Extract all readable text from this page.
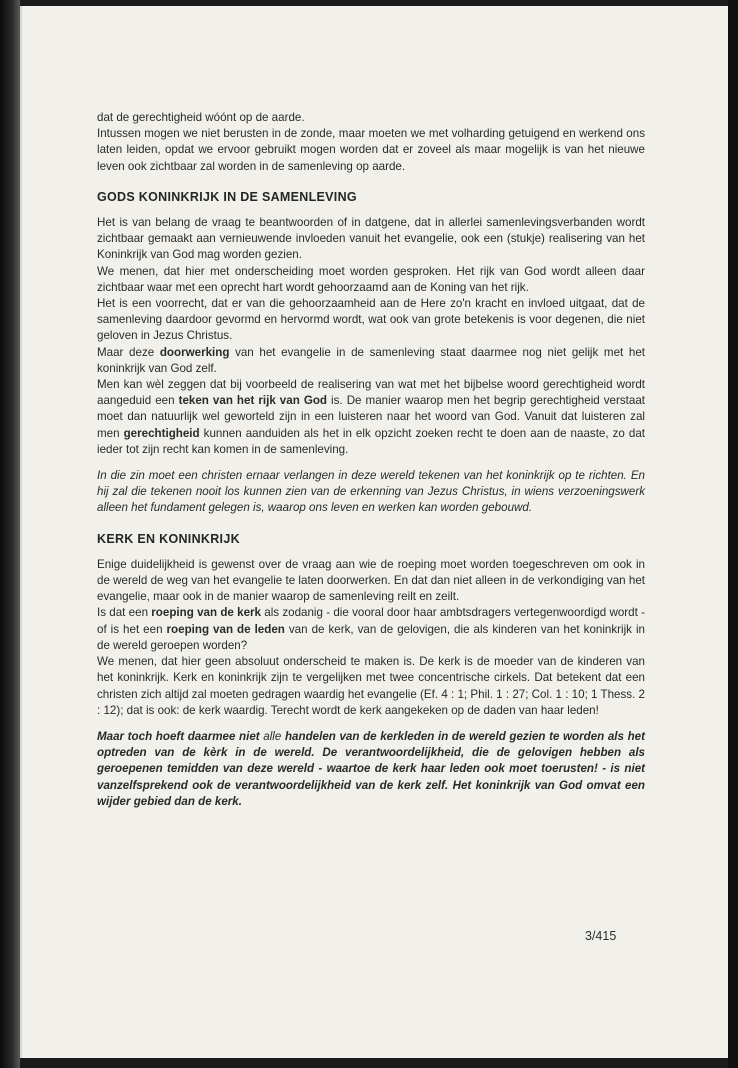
dat de gerechtigheid wóónt op de aarde.

Intussen mogen we niet berusten in de zonde, maar moeten we met volharding getuigend en werkend ons laten leiden, opdat we ervoor gebruikt mogen worden dat er zoveel als maar mogelijk is van het nieuwe leven ook zichtbaar zal worden in de samenleving op aarde.

GODS KONINKRIJK IN DE SAMENLEVING

Het is van belang de vraag te beantwoorden of in datgene, dat in allerlei samenlevingsverbanden wordt zichtbaar gemaakt aan vernieuwende invloeden vanuit het evangelie, ook een (stukje) realisering van het Koninkrijk van God mag worden gezien.

We menen, dat hier met onderscheiding moet worden gesproken. Het rijk van God wordt alleen daar zichtbaar waar met een oprecht hart wordt gehoorzaamd aan de Koning van het rijk.

Het is een voorrecht, dat er van die gehoorzaamheid aan de Here zo'n kracht en invloed uitgaat, dat de samenleving daardoor gevormd en hervormd wordt, wat ook van grote betekenis is voor degenen, die niet geloven in Jezus Christus.

Maar deze doorwerking van het evangelie in de samenleving staat daarmee nog niet gelijk met het koninkrijk van God zelf.

Men kan wèl zeggen dat bij voorbeeld de realisering van wat met het bijbelse woord gerechtigheid wordt aangeduid een teken van het rijk van God is. De manier waarop men het begrip gerechtigheid verstaat moet dan natuurlijk wel geworteld zijn in een luisteren naar het woord van God. Vanuit dat luisteren zal men gerechtigheid kunnen aanduiden als het in elk opzicht zoeken recht te doen aan de naaste, zo dat ieder tot zijn recht kan komen in de samenleving.

In die zin moet een christen ernaar verlangen in deze wereld tekenen van het koninkrijk op te richten. En hij zal die tekenen nooit los kunnen zien van de erkenning van Jezus Christus, in wiens verzoeningswerk alleen het fundament gelegen is, waarop ons leven en werken kan worden gebouwd.

KERK EN KONINKRIJK

Enige duidelijkheid is gewenst over de vraag aan wie de roeping moet worden toegeschreven om ook in de wereld de weg van het evangelie te laten doorwerken. En dat dan niet alleen in de verkondiging van het evangelie, maar ook in de manier waarop de samenleving reilt en zeilt.

Is dat een roeping van de kerk als zodanig - die vooral door haar ambtsdragers vertegenwoordigd wordt - of is het een roeping van de leden van de kerk, van de gelovigen, die als kinderen van het koninkrijk in de wereld geroepen worden?

We menen, dat hier geen absoluut onderscheid te maken is. De kerk is de moeder van de kinderen van het koninkrijk. Kerk en koninkrijk zijn te vergelijken met twee concentrische cirkels. Dat betekent dat een christen zich altijd zal moeten gedragen waardig het evangelie (Ef. 4 : 1; Phil. 1 : 27; Col. 1 : 10; 1 Thess. 2 : 12); dat is ook: de kerk waardig. Terecht wordt de kerk aangekeken op de daden van haar leden!

Maar toch hoeft daarmee niet alle handelen van de kerkleden in de wereld gezien te worden als het optreden van de kèrk in de wereld. De verantwoordelijkheid, die de gelovigen hebben als geroepenen temidden van deze wereld - waartoe de kerk haar leden ook moet toerusten! - is niet vanzelfsprekend ook de verantwoordelijkheid van de kerk zelf. Het koninkrijk van God omvat een wijder gebied dan de kerk.

3/415
